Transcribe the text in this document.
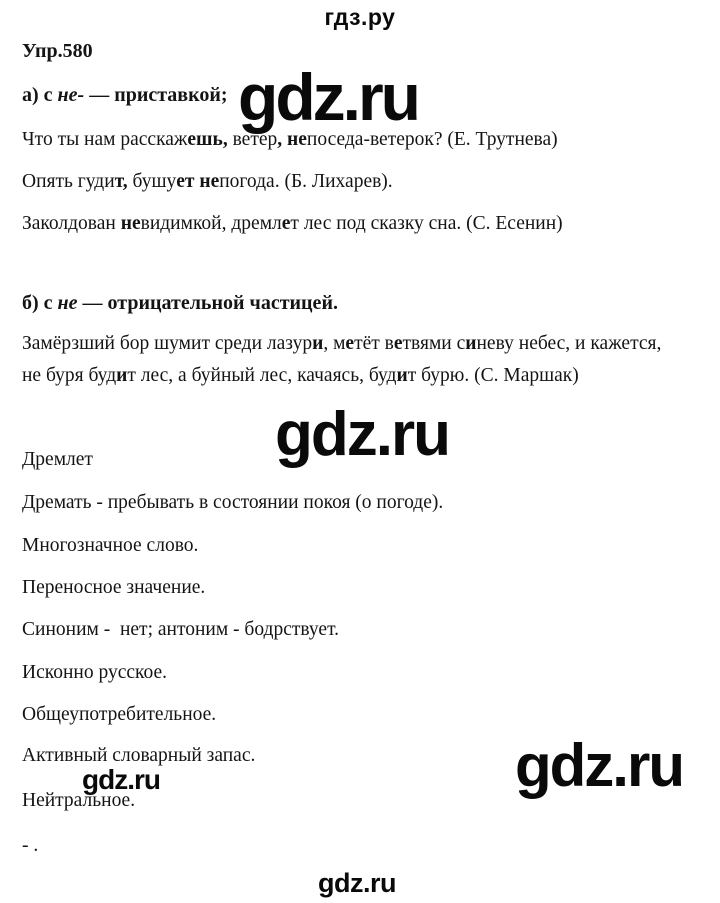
гдз.ру
Упр.580
а) с не- — приставкой; gdz.ru
Что ты нам расскажешь, ветер, непоседа-ветерок? (Е. Трутнева)
Опять гудит, бушует непогода. (Б. Лихарев).
Заколдован невидимкой, дремлет лес под сказку сна. (С. Есенин)
б) с не — отрицательной частицей.
Замёрзший бор шумит среди лазури, метёт ветвями синеву небес, и кажется,
не буря будит лес, а буйный лес, качаясь, будит бурю. (С. Маршак)
gdz.ru
Дремлет
Дремать - пребывать в состоянии покоя (о погоде).
Многозначное слово.
Переносное значение.
Синоним -  нет; антоним - бодрствует.
Исконно русское.
Общеупотребительное.
Активный словарный запас.
gdz.ru	gdz.ru
Нейтральное.
- .
gdz.ru
